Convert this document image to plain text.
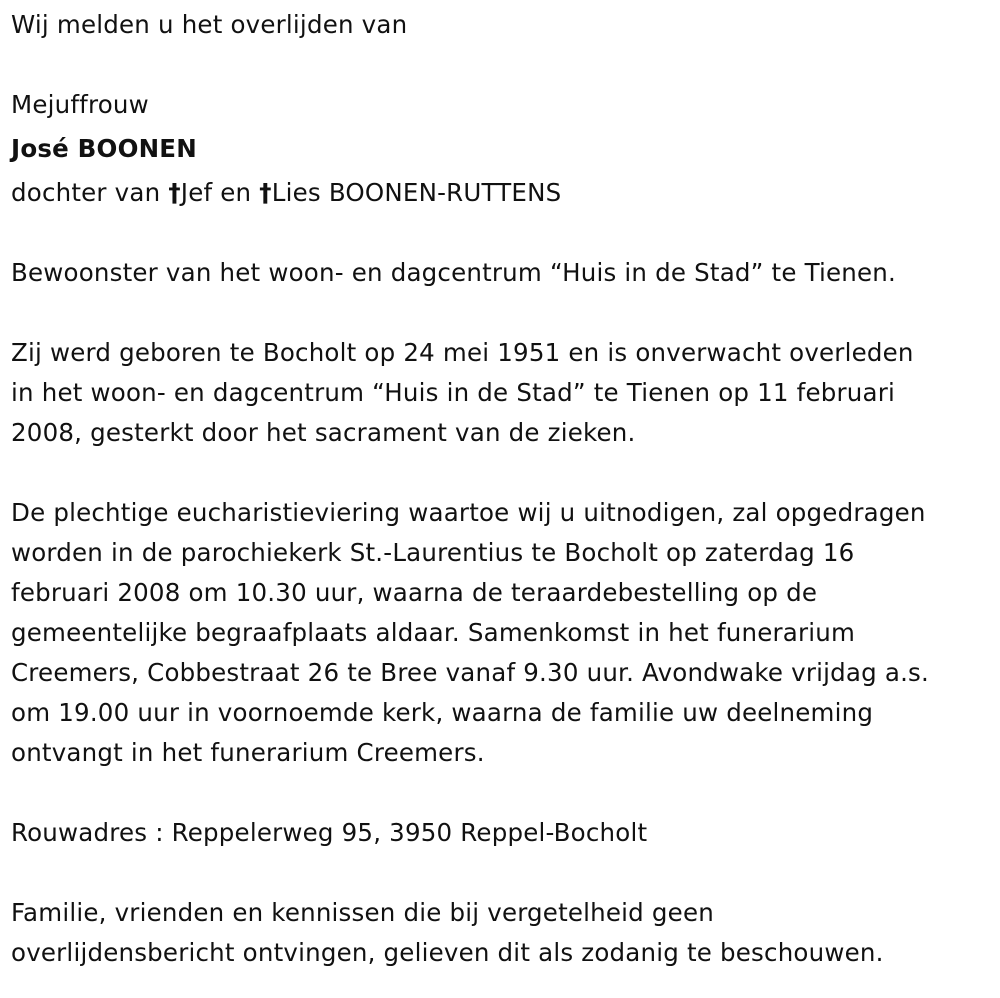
Wij melden u het overlijden van
Mejuffrouw
José BOONEN
dochter van †Jef en †Lies BOONEN-RUTTENS
Bewoonster van het woon- en dagcentrum “Huis in de Stad” te Tienen.
Zij werd geboren te Bocholt op 24 mei 1951 en is onverwacht overleden
in het woon- en dagcentrum “Huis in de Stad” te Tienen op 11 februari
2008, gesterkt door het sacrament van de zieken.
De plechtige eucharistieviering waartoe wij u uitnodigen, zal opgedragen
worden in de parochiekerk St.-Laurentius te Bocholt op zaterdag 16
februari 2008 om 10.30 uur, waarna de teraardebestelling op de
gemeentelijke begraafplaats aldaar. Samenkomst in het funerarium
Creemers, Cobbestraat 26 te Bree vanaf 9.30 uur. Avondwake vrijdag a.s.
om 19.00 uur in voornoemde kerk, waarna de familie uw deelneming
ontvangt in het funerarium Creemers.
Rouwadres : Reppelerweg 95, 3950 Reppel-Bocholt
Familie, vrienden en kennissen die bij vergetelheid geen
overlijdensbericht ontvingen, gelieven dit als zodanig te beschouwen.
